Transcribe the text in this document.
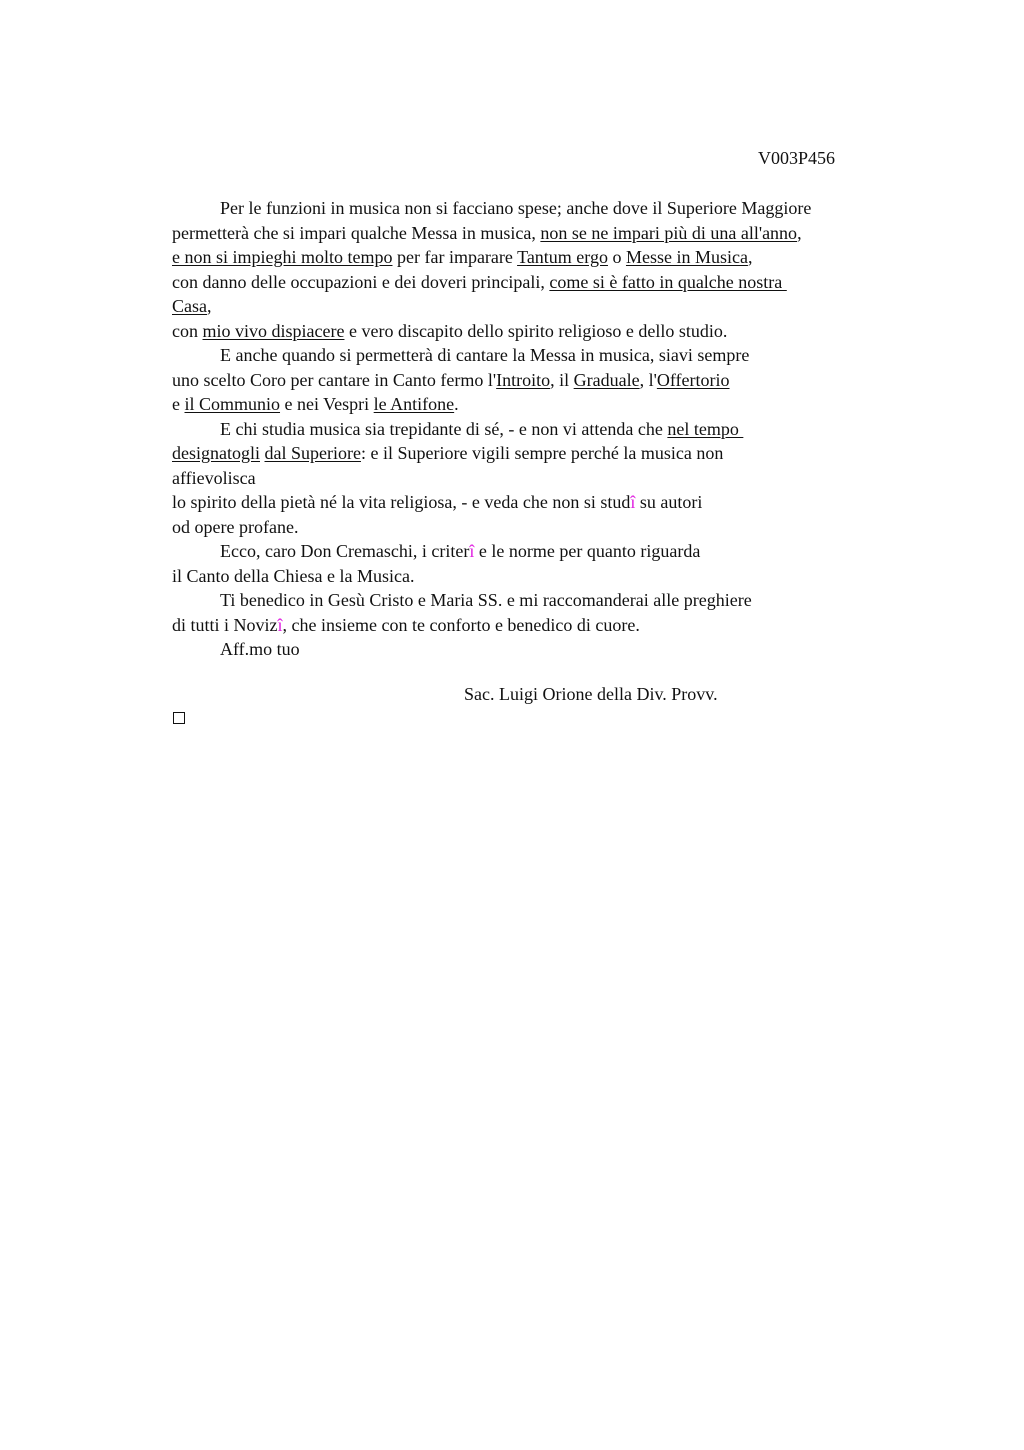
V003P456
Per le funzioni in musica non si facciano spese; anche dove il Superiore Maggiore
permetterà che si impari qualche Messa in musica, non se ne impari più di una all'anno,
e non si impieghi molto tempo per far imparare Tantum ergo o Messe in Musica,
con danno delle occupazioni e dei doveri principali, come si è fatto in qualche nostra
Casa,
con mio vivo dispiacere e vero discapito dello spirito religioso e dello studio.
E anche quando si permetterà di cantare la Messa in musica, siavi sempre
uno scelto Coro per cantare in Canto fermo l'Introito, il Graduale, l'Offertorio
e il Communio e nei Vespri le Antifone.
E chi studia musica sia trepidante di sé, - e non vi attenda che nel tempo
designatogli dal Superiore: e il Superiore vigili sempre perché la musica non
affievolisca
lo spirito della pietà né la vita religiosa, - e veda che non si studî su autori
od opere profane.
Ecco, caro Don Cremaschi, i criterî e le norme per quanto riguarda
il Canto della Chiesa e la Musica.
Ti benedico in Gesù Cristo e Maria SS. e mi raccomanderai alle preghiere
di tutti i Novizî, che insieme con te conforto e benedico di cuore.
Aff.mo tuo
Sac. Luigi Orione della Div. Provv.
